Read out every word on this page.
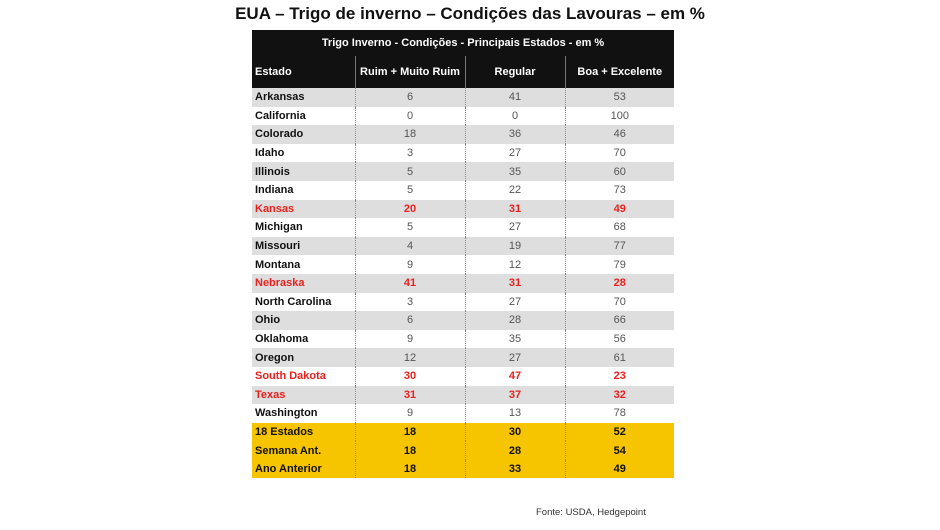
EUA – Trigo de inverno – Condições das Lavouras – em %
Trigo Inverno - Condições - Principais Estados - em %			
Estado	Ruim + Muito Ruim	Regular	Boa + Excelente
Arkansas	6	41	53
California	0	0	100
Colorado	18	36	46
Idaho	3	27	70
Illinois	5	35	60
Indiana	5	22	73
Kansas	20	31	49
Michigan	5	27	68
Missouri	4	19	77
Montana	9	12	79
Nebraska	41	31	28
North Carolina	3	27	70
Ohio	6	28	66
Oklahoma	9	35	56
Oregon	12	27	61
South Dakota	30	47	23
Texas	31	37	32
Washington	9	13	78
18 Estados	18	30	52
Semana Ant.	18	28	54
Ano Anterior	18	33	49
Fonte: USDA, Hedgepoint
